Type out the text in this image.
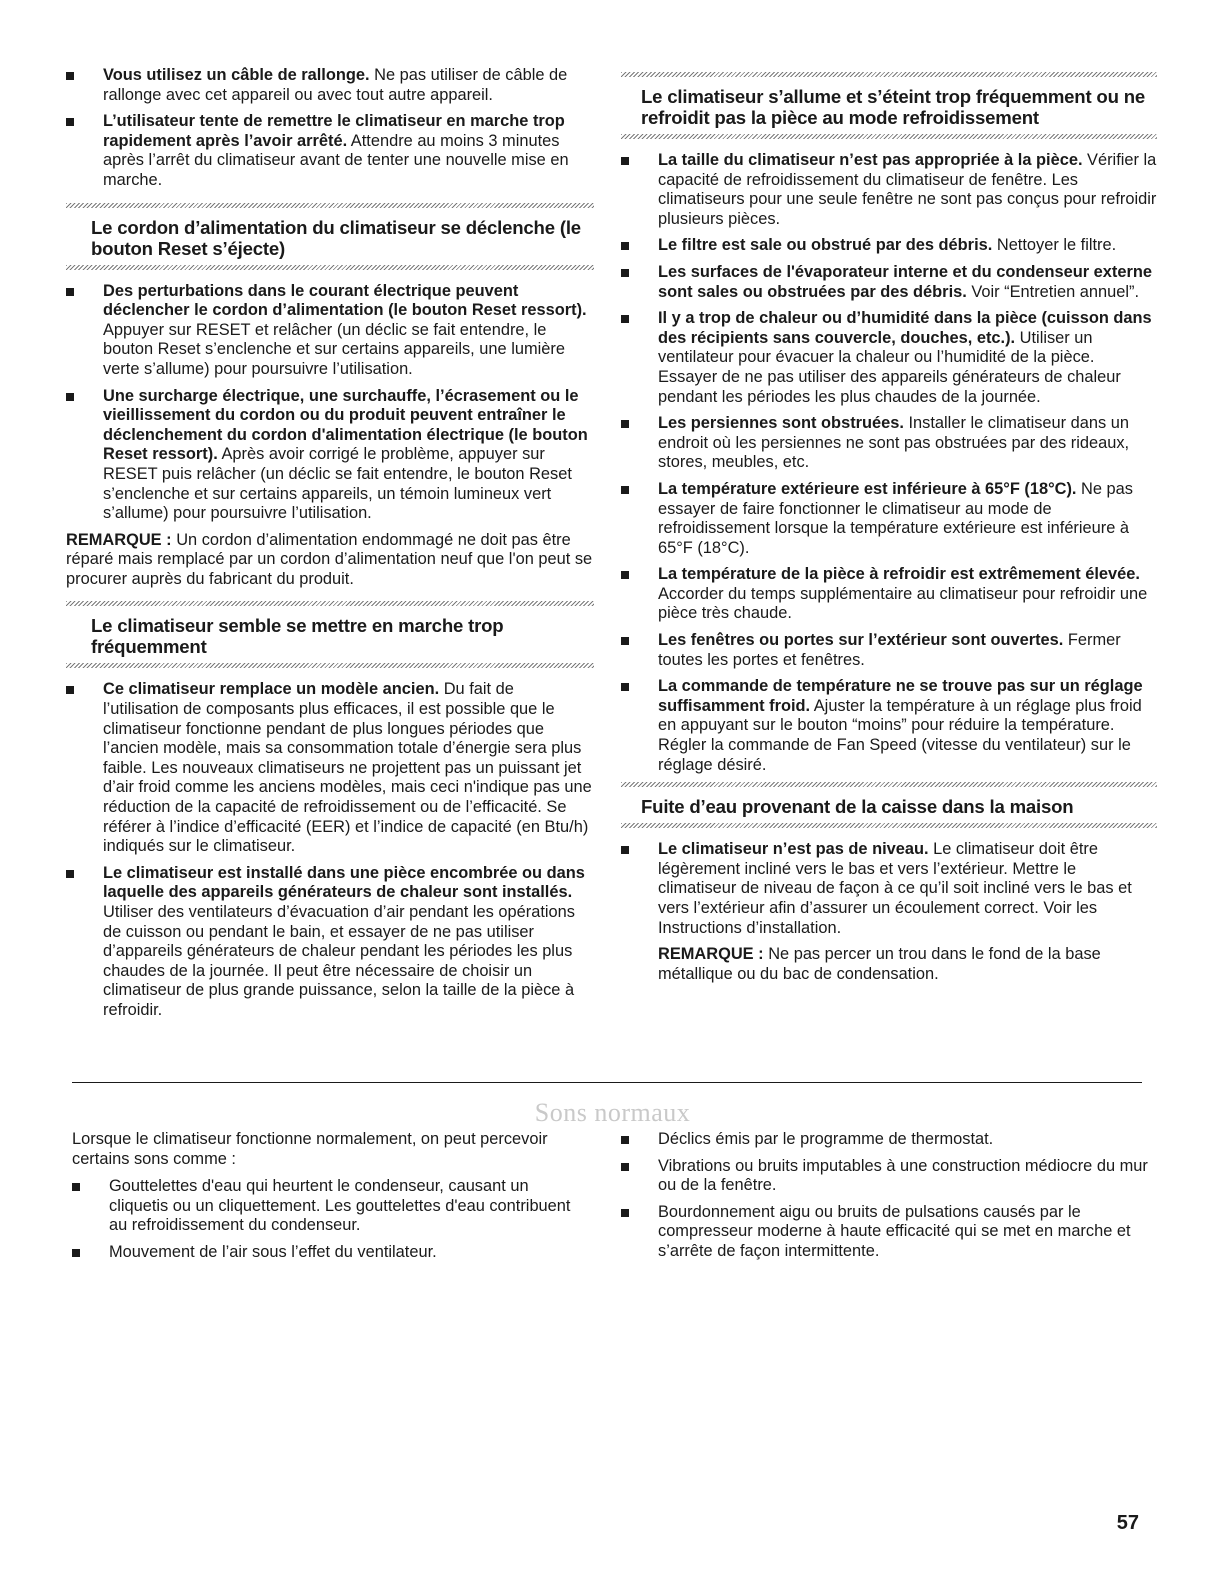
Vous utilisez un câble de rallonge. Ne pas utiliser de câble de rallonge avec cet appareil ou avec tout autre appareil.
L’utilisateur tente de remettre le climatiseur en marche trop rapidement après l’avoir arrêté. Attendre au moins 3 minutes après l’arrêt du climatiseur avant de tenter une nouvelle mise en marche.
Le cordon d’alimentation du climatiseur se déclenche (le bouton Reset s’éjecte)
Des perturbations dans le courant électrique peuvent déclencher le cordon d’alimentation (le bouton Reset ressort). Appuyer sur RESET et relâcher (un déclic se fait entendre, le bouton Reset s’enclenche et sur certains appareils, une lumière verte s’allume) pour poursuivre l’utilisation.
Une surcharge électrique, une surchauffe, l’écrasement ou le vieillissement du cordon ou du produit peuvent entraîner le déclenchement du cordon d'alimentation électrique (le bouton Reset ressort). Après avoir corrigé le problème, appuyer sur RESET puis relâcher (un déclic se fait entendre, le bouton Reset s’enclenche et sur certains appareils, un témoin lumineux vert s’allume) pour poursuivre l’utilisation.

REMARQUE : Un cordon d’alimentation endommagé ne doit pas être réparé mais remplacé par un cordon d’alimentation neuf que l'on peut se procurer auprès du fabricant du produit.

Le climatiseur semble se mettre en marche trop fréquemment
Ce climatiseur remplace un modèle ancien. Du fait de l’utilisation de composants plus efficaces, il est possible que le climatiseur fonctionne pendant de plus longues périodes que l’ancien modèle, mais sa consommation totale d’énergie sera plus faible. Les nouveaux climatiseurs ne projettent pas un puissant jet d’air froid comme les anciens modèles, mais ceci n'indique pas une réduction de la capacité de refroidissement ou de l’efficacité. Se référer à l’indice d’efficacité (EER) et l’indice de capacité (en Btu/h) indiqués sur le climatiseur.
Le climatiseur est installé dans une pièce encombrée ou dans laquelle des appareils générateurs de chaleur sont installés. Utiliser des ventilateurs d’évacuation d’air pendant les opérations de cuisson ou pendant le bain, et essayer de ne pas utiliser d’appareils générateurs de chaleur pendant les périodes les plus chaudes de la journée. Il peut être nécessaire de choisir un climatiseur de plus grande puissance, selon la taille de la pièce à refroidir.
Le climatiseur s’allume et s’éteint trop fréquemment ou ne refroidit pas la pièce au mode refroidissement
La taille du climatiseur n’est pas appropriée à la pièce. Vérifier la capacité de refroidissement du climatiseur de fenêtre. Les climatiseurs pour une seule fenêtre ne sont pas conçus pour refroidir plusieurs pièces.
Le filtre est sale ou obstrué par des débris. Nettoyer le filtre.
Les surfaces de l'évaporateur interne et du condenseur externe sont sales ou obstruées par des débris. Voir “Entretien annuel”.
Il y a trop de chaleur ou d’humidité dans la pièce (cuisson dans des récipients sans couvercle, douches, etc.). Utiliser un ventilateur pour évacuer la chaleur ou l’humidité de la pièce. Essayer de ne pas utiliser des appareils générateurs de chaleur pendant les périodes les plus chaudes de la journée.
Les persiennes sont obstruées. Installer le climatiseur dans un endroit où les persiennes ne sont pas obstruées par des rideaux, stores, meubles, etc.
La température extérieure est inférieure à 65°F (18°C). Ne pas essayer de faire fonctionner le climatiseur au mode de refroidissement lorsque la température extérieure est inférieure à 65°F (18°C).
La température de la pièce à refroidir est extrêmement élevée. Accorder du temps supplémentaire au climatiseur pour refroidir une pièce très chaude.
Les fenêtres ou portes sur l’extérieur sont ouvertes. Fermer toutes les portes et fenêtres.
La commande de température ne se trouve pas sur un réglage suffisamment froid. Ajuster la température à un réglage plus froid en appuyant sur le bouton “moins” pour réduire la température. Régler la commande de Fan Speed (vitesse du ventilateur) sur le réglage désiré.
Fuite d’eau provenant de la caisse dans la maison
Le climatiseur n’est pas de niveau. Le climatiseur doit être légèrement incliné vers le bas et vers l’extérieur. Mettre le climatiseur de niveau de façon à ce qu’il soit incliné vers le bas et vers l’extérieur afin d’assurer un écoulement correct. Voir les Instructions d’installation.

REMARQUE : Ne pas percer un trou dans le fond de la base métallique ou du bac de condensation.

Sons normaux

Lorsque le climatiseur fonctionne normalement, on peut percevoir certains sons comme :

Gouttelettes d'eau qui heurtent le condenseur, causant un cliquetis ou un cliquettement. Les gouttelettes d'eau contribuent au refroidissement du condenseur.
Mouvement de l’air sous l’effet du ventilateur.
Déclics émis par le programme de thermostat.
Vibrations ou bruits imputables à une construction médiocre du mur ou de la fenêtre.
Bourdonnement aigu ou bruits de pulsations causés par le compresseur moderne à haute efficacité qui se met en marche et s’arrête de façon intermittente.
57
